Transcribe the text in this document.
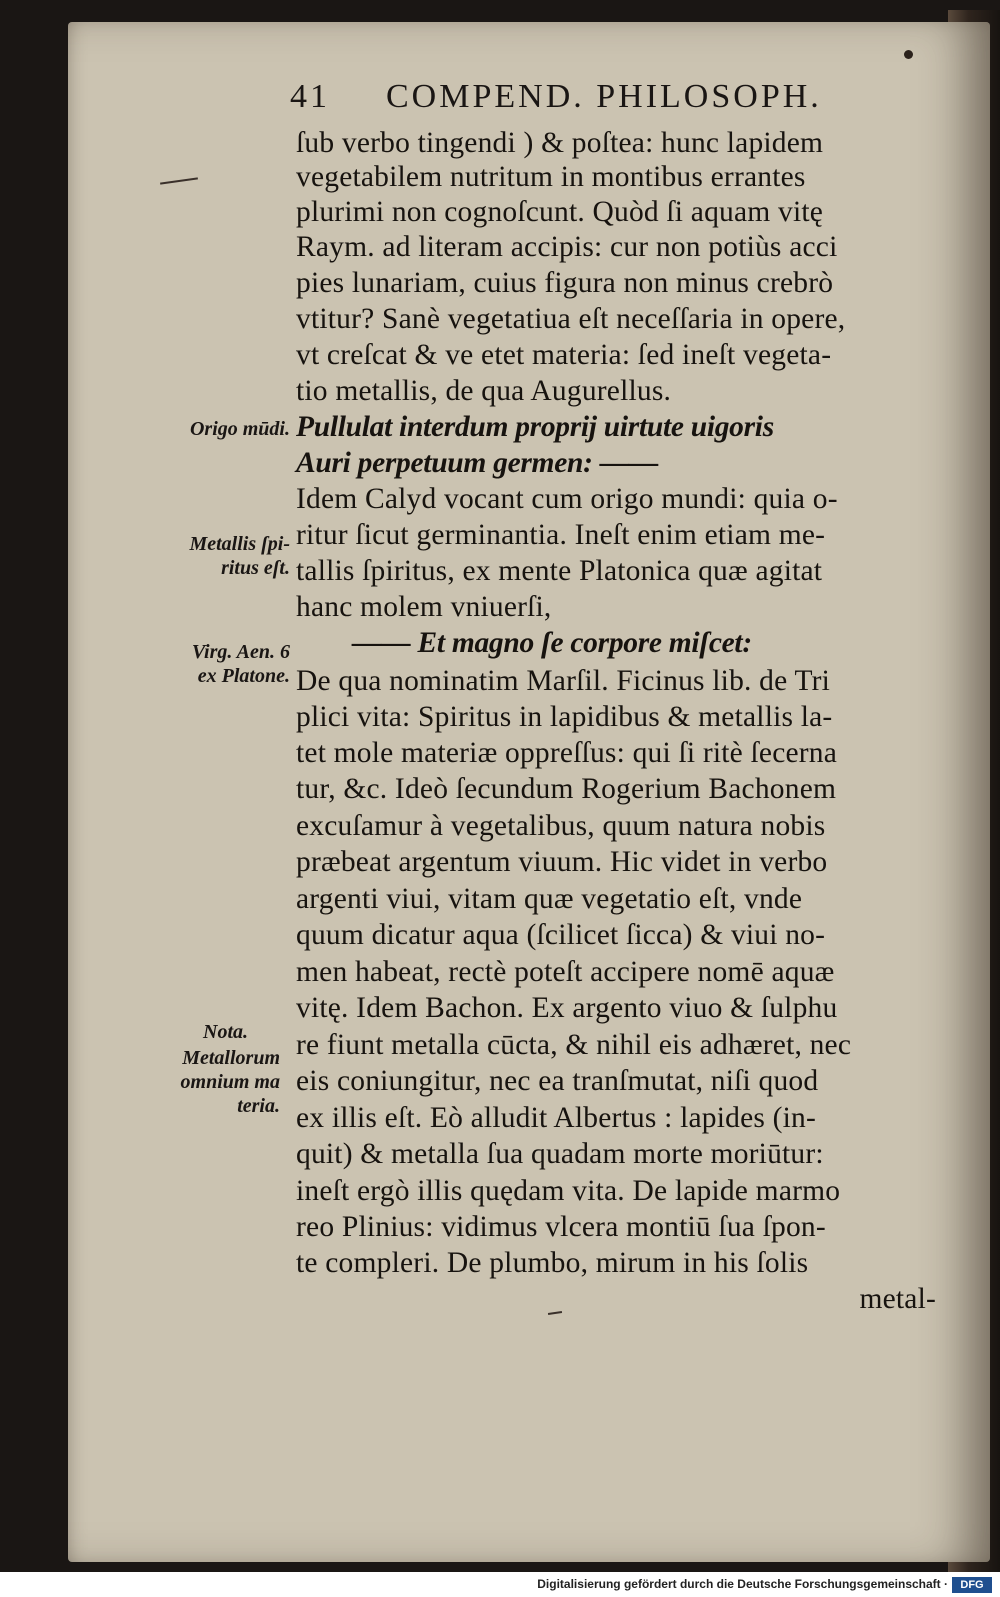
41 COMPEND. PHILOSOPH.
ſub verbo tingendi ) & poſtea: hunc lapidem
vegetabilem nutritum in montibus errantes
plurimi non cognoſcunt. Quòd ſi aquam vitę
Raym. ad literam accipis: cur non potiùs acci
pies lunariam, cuius figura non minus crebrò
vtitur? Sanè vegetatiua eſt neceſſaria in opere,
vt creſcat & ve etet materia: ſed ineſt vegeta-
tio metallis, de qua Augurellus.
Pullulat interdum proprij uirtute uigoris
Auri perpetuum germen: ——
Idem Calyd vocant cum origo mundi: quia o-
ritur ſicut germinantia. Ineſt enim etiam me-
tallis ſpiritus, ex mente Platonica quæ agitat
hanc molem vniuerſi,
—— Et magno ſe corpore miſcet:
De qua nominatim Marſil. Ficinus lib. de Tri
plici vita: Spiritus in lapidibus & metallis la-
tet mole materiæ oppreſſus: qui ſi ritè ſecerna
tur, &c. Ideò ſecundum Rogerium Bachonem
excuſamur à vegetalibus, quum natura nobis
præbeat argentum viuum. Hic videt in verbo
argenti viui, vitam quæ vegetatio eſt, vnde
quum dicatur aqua (ſcilicet ſicca) & viui no-
men habeat, rectè poteſt accipere nomē aquæ
vitę. Idem Bachon. Ex argento viuo & ſulphu
re fiunt metalla cūcta, & nihil eis adhæret, nec
eis coniungitur, nec ea tranſmutat, niſi quod
ex illis eſt. Eò alludit Albertus : lapides (in-
quit) & metalla ſua quadam morte moriūtur:
ineſt ergò illis quędam vita. De lapide marmo
reo Plinius: vidimus vlcera montiū ſua ſpon-
te compleri. De plumbo, mirum in his ſolis
metal-
Origo mūdi.
Metallis ſpi-
ritus eſt.
Virg. Aen. 6
ex Platone.
Nota.
Metallorum
omnium ma
teria.
Digitalisierung gefördert durch die Deutsche Forschungsgemeinschaft ·	DFG
